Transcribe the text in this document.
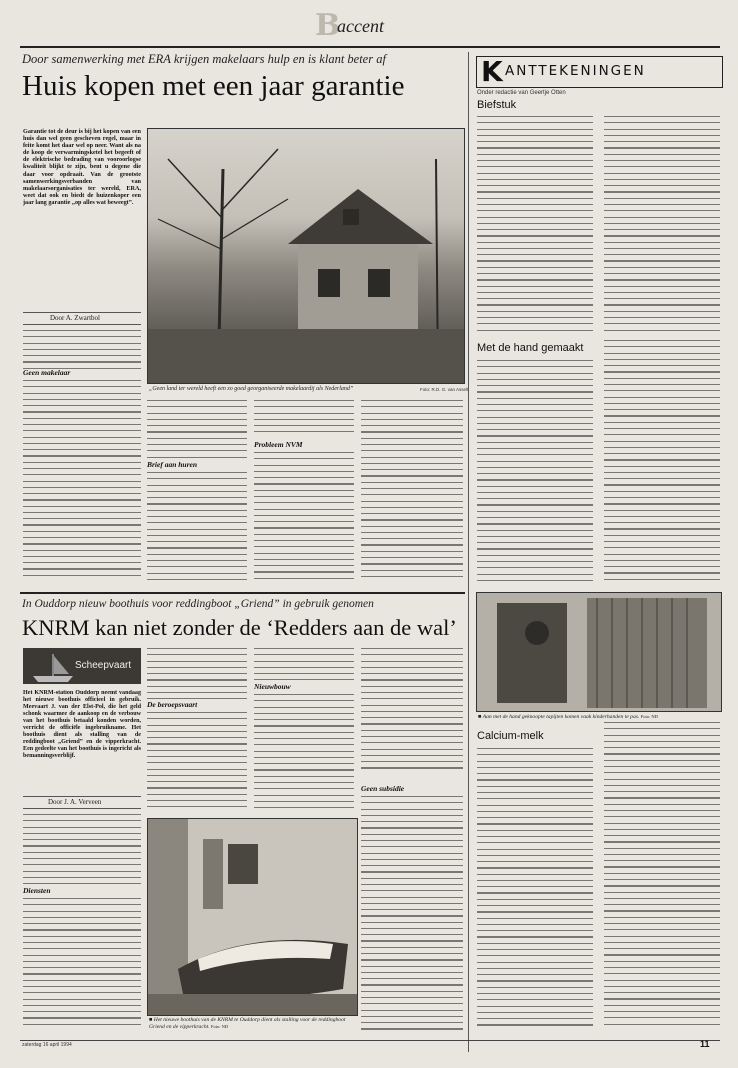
B
accent
Door samenwerking met ERA krijgen makelaars hulp en is klant beter af
Huis kopen met een jaar garantie
Garantie tot de deur is bij het kopen van een huis dan wel geen gescheven regel, maar in feite komt het daar wel op neer. Want als na de koop de verwarmingsketel het begeeft of de elektrische bedrading van vooroorlogse kwaliteit blijkt te zijn, bent u degene die daar voor opdraait. Van de grootste samenwerkingsverbanden van makelaarsorganisaties ter wereld, ERA, weet dat ook en biedt de huizenkoper een jaar lang garantie „op alles wat beweegt”.
Door A. Zwartbol
Geen makelaar
„Geen land ter wereld heeft een zo goed georganiseerde makelaardij als Nederland”	Foto: R.D. G. van Asselt
Brief aan huren
Probleem NVM
K ANTTEKENINGEN
Onder redactie van Geertje Otten
Biefstuk
Met de hand gemaakt
■ Aan met de hand geknoopte tapijten komen vaak kinderhanden te pas. Foto: ND
Calcium-melk
In Ouddorp nieuw boothuis voor reddingboot „Griend” in gebruik genomen
KNRM kan niet zonder de ‘Redders aan de wal’
Scheepvaart
Het KNRM-station Ouddorp neemt vandaag het nieuwe boothuis officieel in gebruik. Meevaart J. van der Elst-Pol, die het geld schonk waarmee de aankoop en de verbouw van het boothuis betaald konden worden, verricht de officiële ingebruikname. Het boothuis dient als stalling van de reddingboot „Griend” en de vipperkracht. Een gedeelte van het boothuis is ingericht als bemanningsverblijf.
Door J. A. Verveen
Diensten
De beroepsvaart
Nieuwbouw
Geen subsidie
■ Het nieuwe boothuis van de KNRM te Ouddorp dient als stalling voor de reddingboot Griend en de vipperkracht. Foto: ND
zaterdag 16 april 1994	11
